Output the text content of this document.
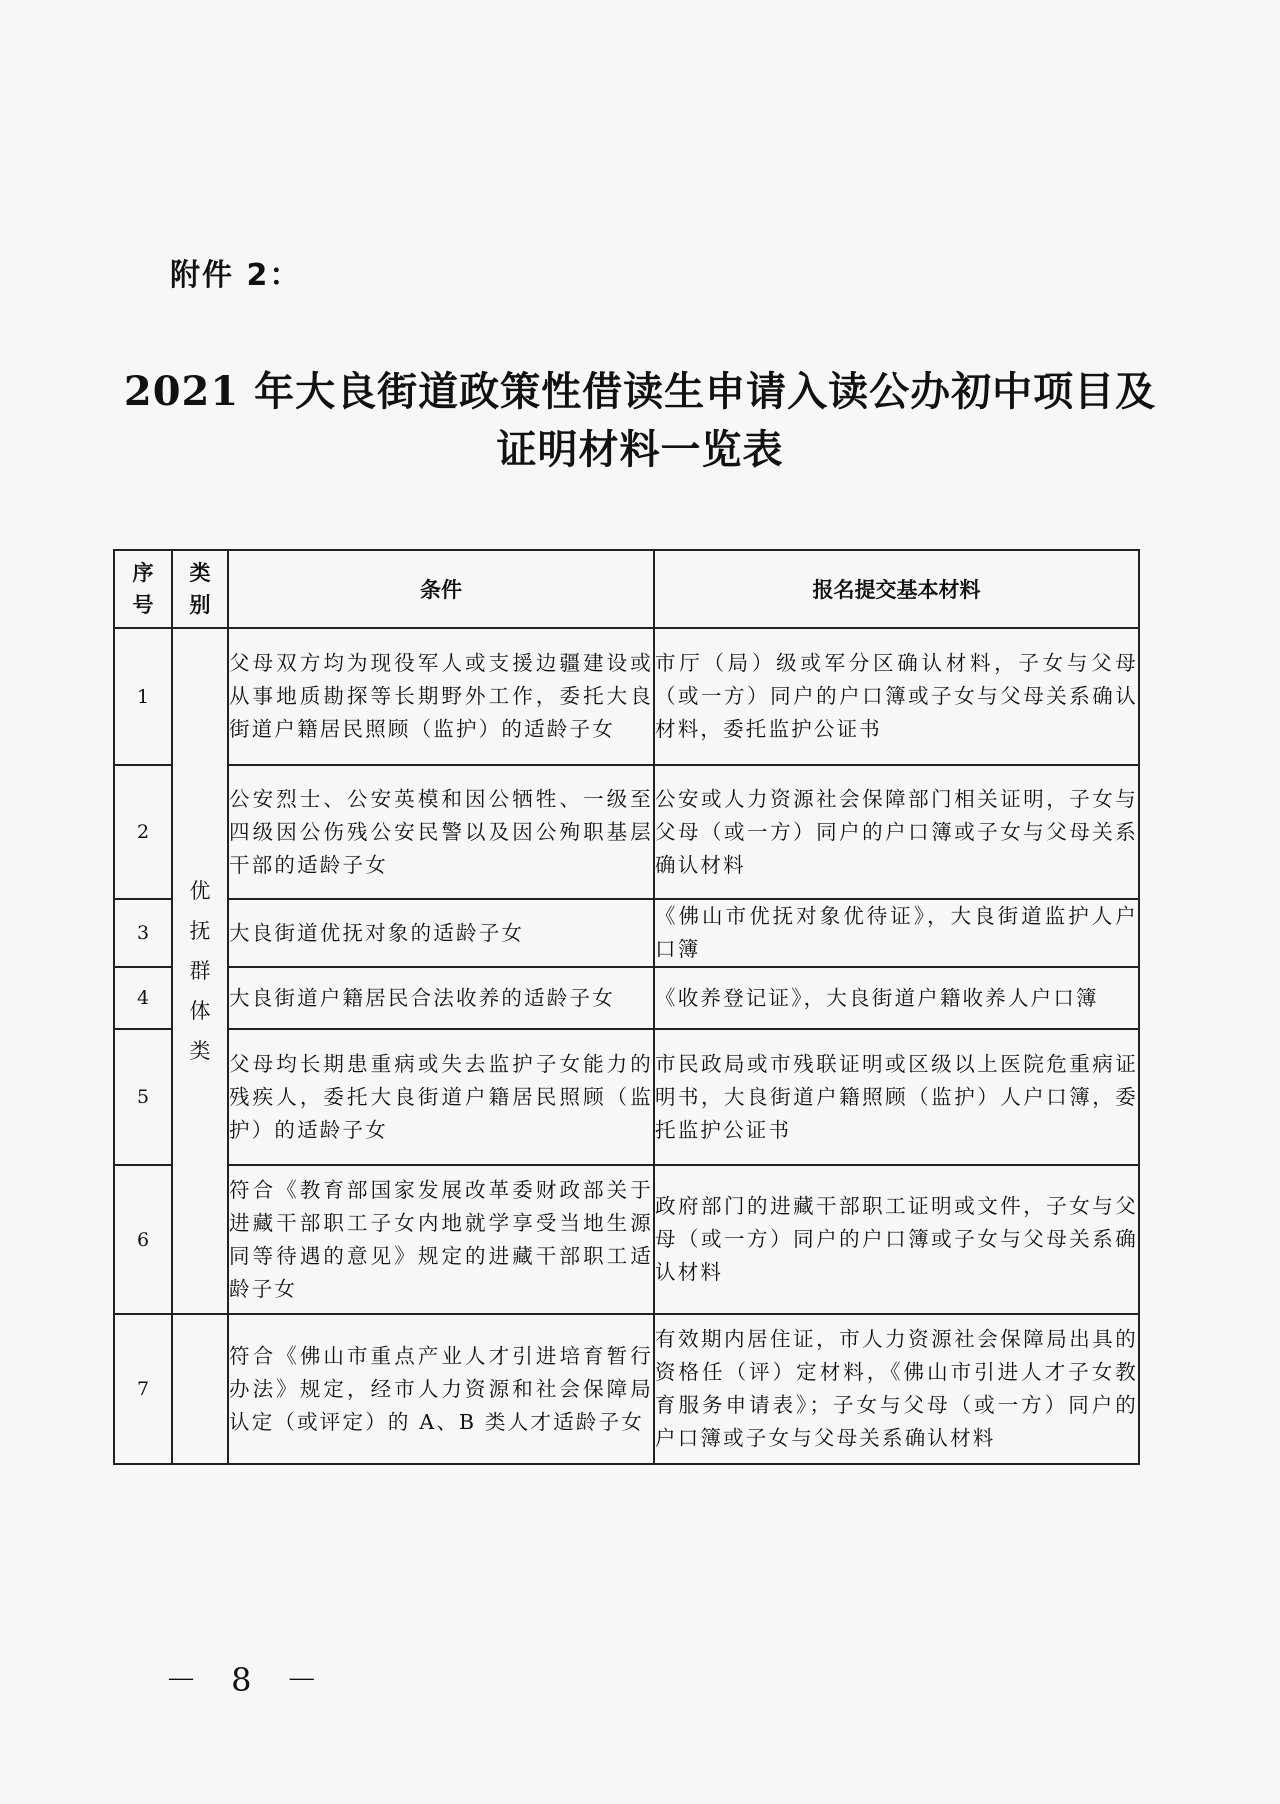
附件 2：
2021 年大良街道政策性借读生申请入读公办初中项目及
证明材料一览表
序号	类别	条件	报名提交基本材料
1	优抚群体类	父母双方均为现役军人或支援边疆建设或从事地质勘探等长期野外工作，委托大良街道户籍居民照顾（监护）的适龄子女	市厅（局）级或军分区确认材料，子女与父母（或一方）同户的户口簿或子女与父母关系确认材料，委托监护公证书
2		公安烈士、公安英模和因公牺牲、一级至四级因公伤残公安民警以及因公殉职基层干部的适龄子女	公安或人力资源社会保障部门相关证明，子女与父母（或一方）同户的户口簿或子女与父母关系确认材料
3		大良街道优抚对象的适龄子女	《佛山市优抚对象优待证》，大良街道监护人户口簿
4		大良街道户籍居民合法收养的适龄子女	《收养登记证》，大良街道户籍收养人户口簿
5		父母均长期患重病或失去监护子女能力的残疾人，委托大良街道户籍居民照顾（监护）的适龄子女	市民政局或市残联证明或区级以上医院危重病证明书，大良街道户籍照顾（监护）人户口簿，委托监护公证书
6		符合《教育部国家发展改革委财政部关于进藏干部职工子女内地就学享受当地生源同等待遇的意见》规定的进藏干部职工适龄子女	政府部门的进藏干部职工证明或文件，子女与父母（或一方）同户的户口簿或子女与父母关系确认材料
7		符合《佛山市重点产业人才引进培育暂行办法》规定，经市人力资源和社会保障局认定（或评定）的 A、B 类人才适龄子女	有效期内居住证，市人力资源社会保障局出具的资格任（评）定材料，《佛山市引进人才子女教育服务申请表》；子女与父母（或一方）同户的户口簿或子女与父母关系确认材料
－ 8 －
